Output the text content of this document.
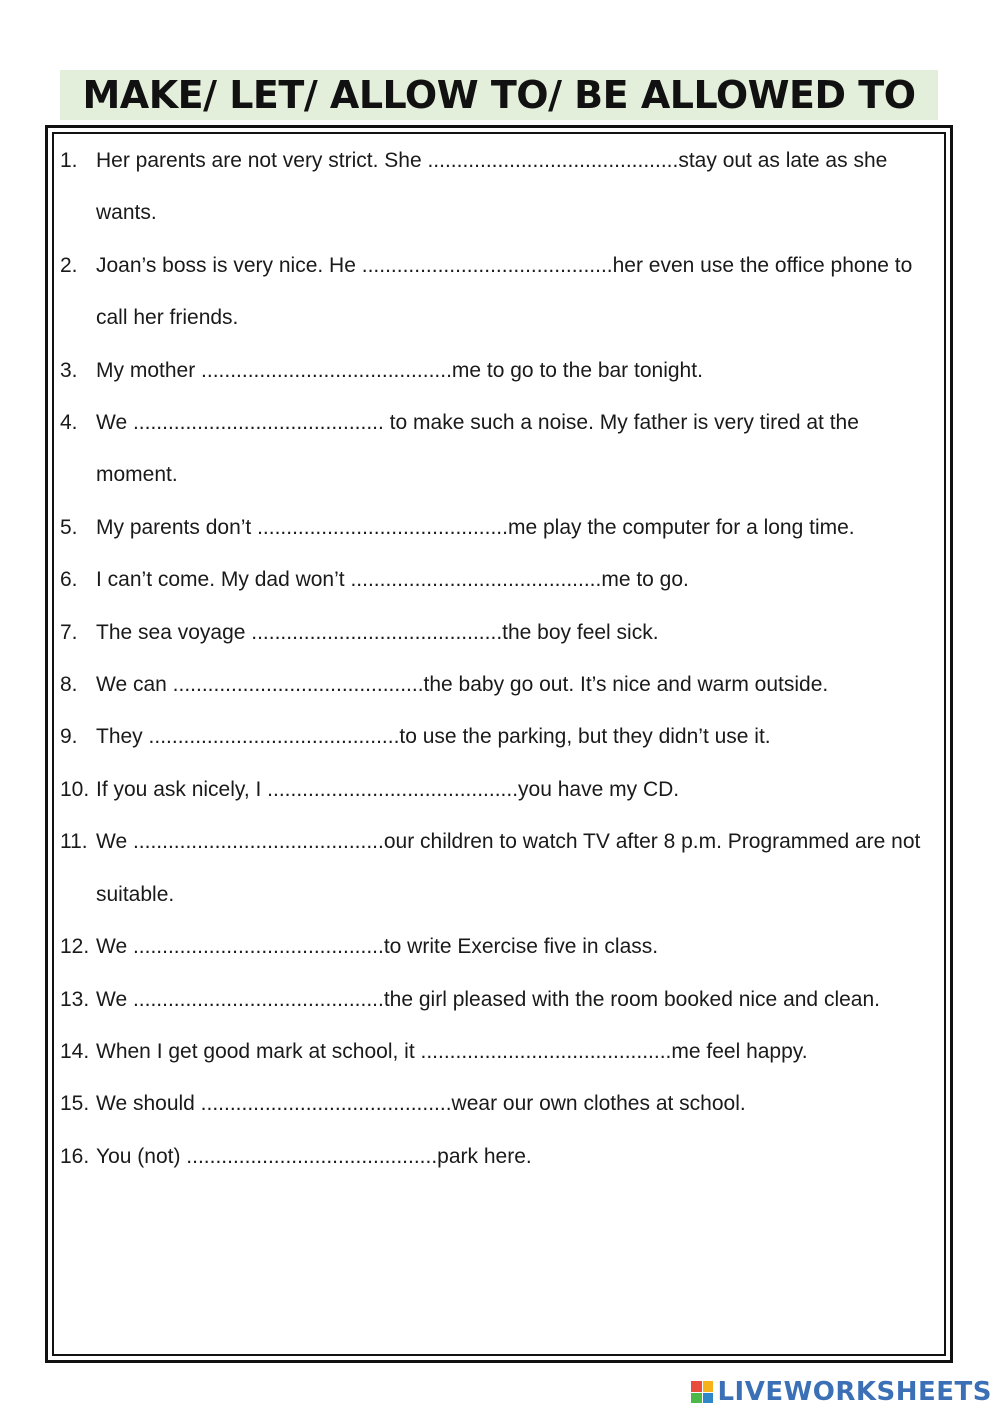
MAKE/ LET/ ALLOW TO/ BE ALLOWED TO
1. Her parents are not very strict. She ...........................................stay out as late as she wants.
2. Joan’s boss is very nice. He ...........................................her even use the office phone to call her friends.
3. My mother ...........................................me to go to the bar tonight.
4. We ........................................... to make such a noise. My father is very tired at the moment.
5. My parents don’t ...........................................me play the computer for a long time.
6. I can’t come. My dad won’t ...........................................me to go.
7. The sea voyage ...........................................the boy feel sick.
8. We can ...........................................the baby go out. It’s nice and warm outside.
9. They ...........................................to use the parking, but they didn’t use it.
10. If you ask nicely, I ...........................................you have my CD.
11. We ...........................................our children to watch TV after 8 p.m. Programmed are not suitable.
12. We ...........................................to write Exercise five in class.
13. We ...........................................the girl pleased with the room booked nice and clean.
14. When I get good mark at school, it ...........................................me feel happy.
15. We should ...........................................wear our own clothes at school.
16. You (not) ...........................................park here.
LIVEWORKSHEETS
